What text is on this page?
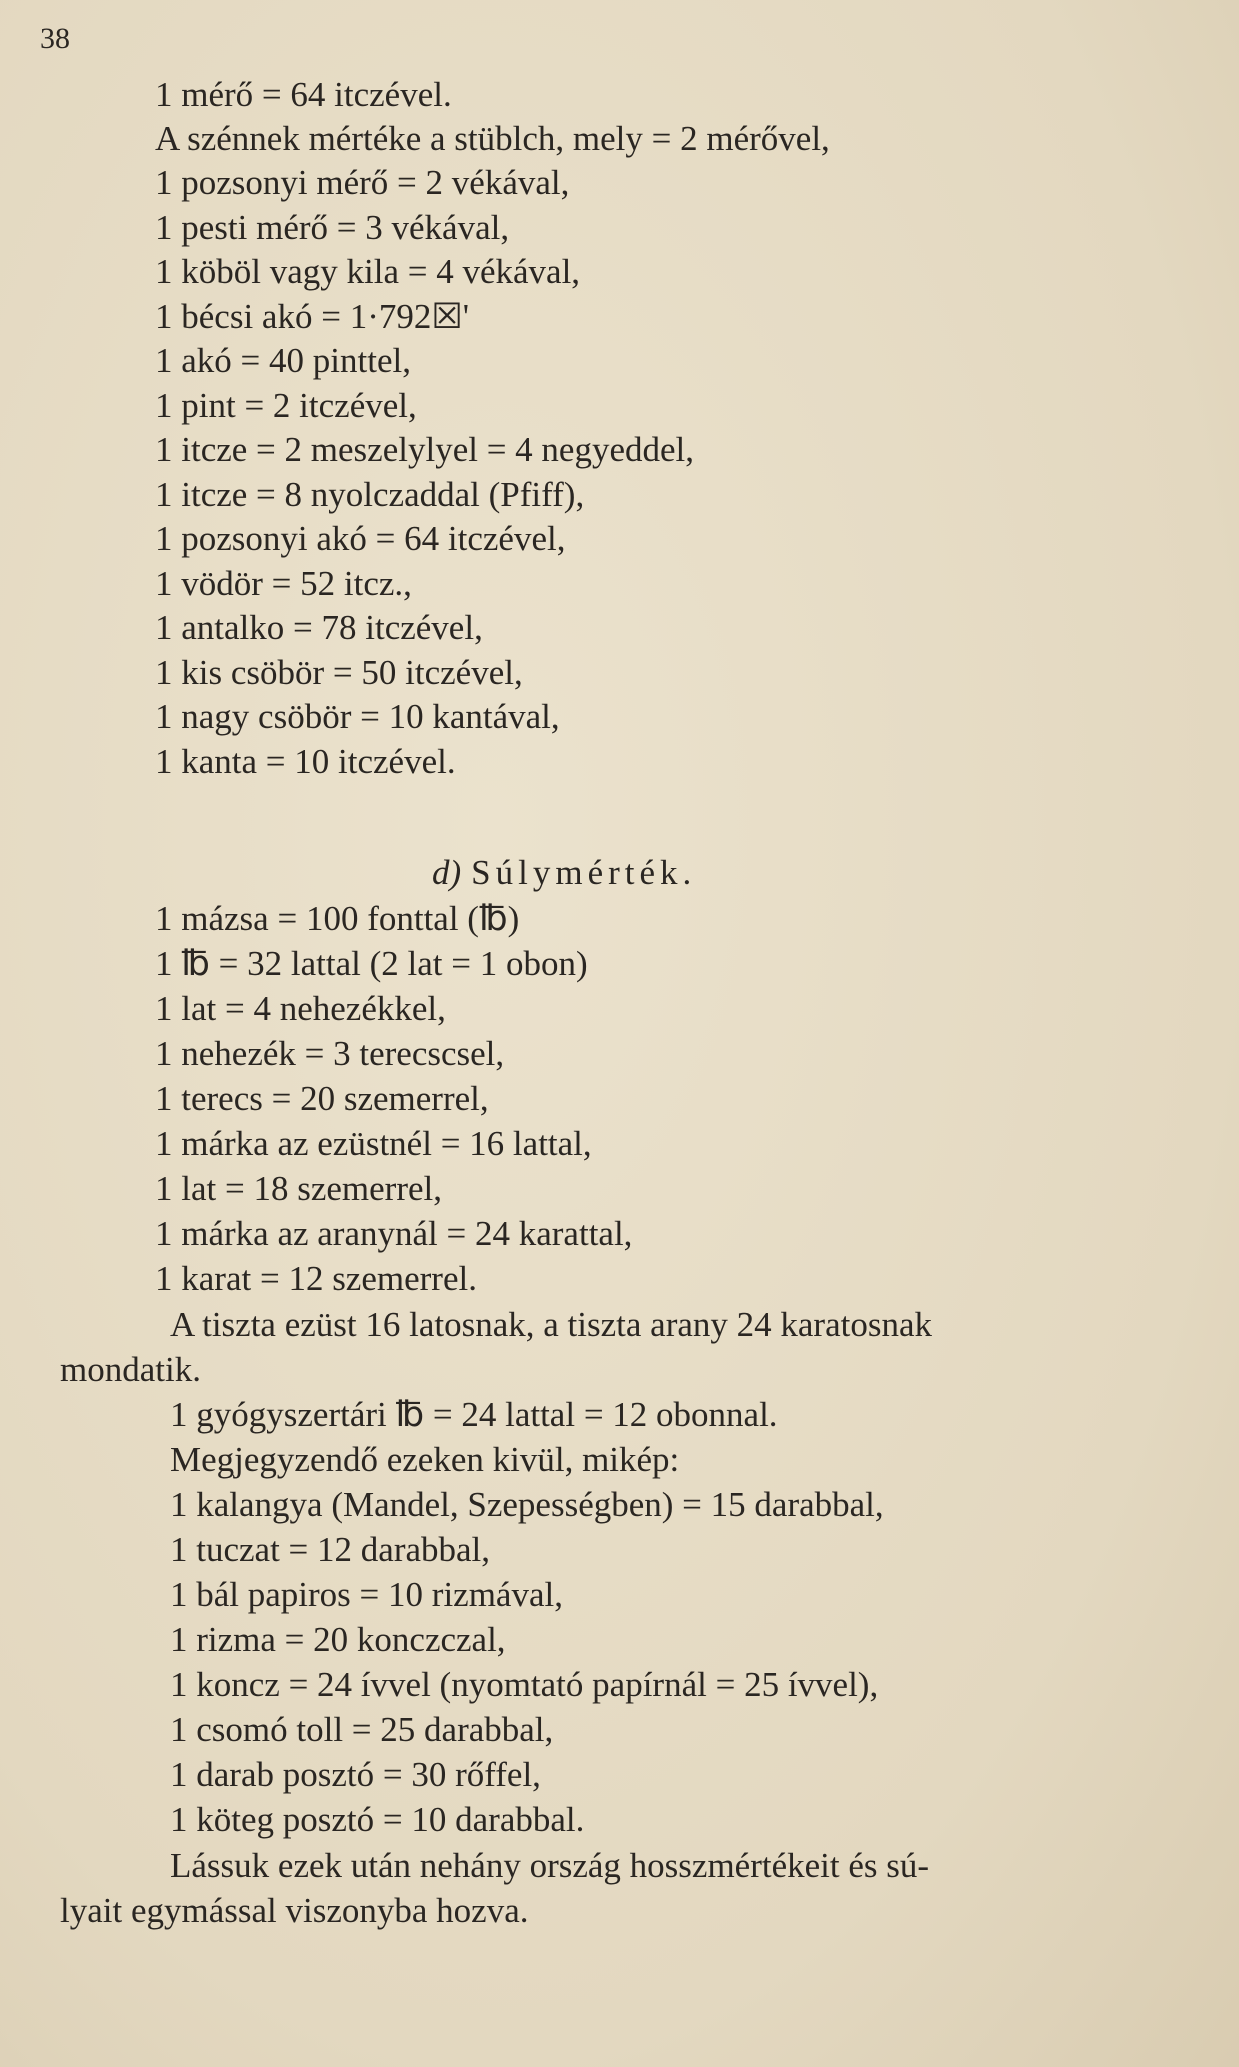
38
1 mérő = 64 itczével.
A szénnek mértéke a stüblch, mely = 2 mérővel,
1 pozsonyi mérő = 2 vékával,
1 pesti mérő = 3 vékával,
1 köböl vagy kila = 4 vékával,
1 bécsi akó = 1·792☒'
1 akó = 40 pinttel,
1 pint = 2 itczével,
1 itcze = 2 meszelylyel = 4 negyeddel,
1 itcze = 8 nyolczaddal (Pfiff),
1 pozsonyi akó = 64 itczével,
1 vödör = 52 itcz.,
1 antalko = 78 itczével,
1 kis csöbör = 50 itczével,
1 nagy csöbör = 10 kantával,
1 kanta = 10 itczével.
d) Súlymérték.
1 mázsa = 100 fonttal (℔)
1 ℔ = 32 lattal (2 lat = 1 obon)
1 lat = 4 nehezékkel,
1 nehezék = 3 terecscsel,
1 terecs = 20 szemerrel,
1 márka az ezüstnél = 16 lattal,
1 lat = 18 szemerrel,
1 márka az aranynál = 24 karattal,
1 karat = 12 szemerrel.
A tiszta ezüst 16 latosnak, a tiszta arany 24 karatosnak
mondatik.
1 gyógyszertári ℔ = 24 lattal = 12 obonnal.
Megjegyzendő ezeken kivül, mikép:
1 kalangya (Mandel, Szepességben) = 15 darabbal,
1 tuczat = 12 darabbal,
1 bál papiros = 10 rizmával,
1 rizma = 20 konczczal,
1 koncz = 24 ívvel (nyomtató papírnál = 25 ívvel),
1 csomó toll = 25 darabbal,
1 darab posztó = 30 rőffel,
1 köteg posztó = 10 darabbal.
Lássuk ezek után nehány ország hosszmértékeit és sú-
lyait egymással viszonyba hozva.
